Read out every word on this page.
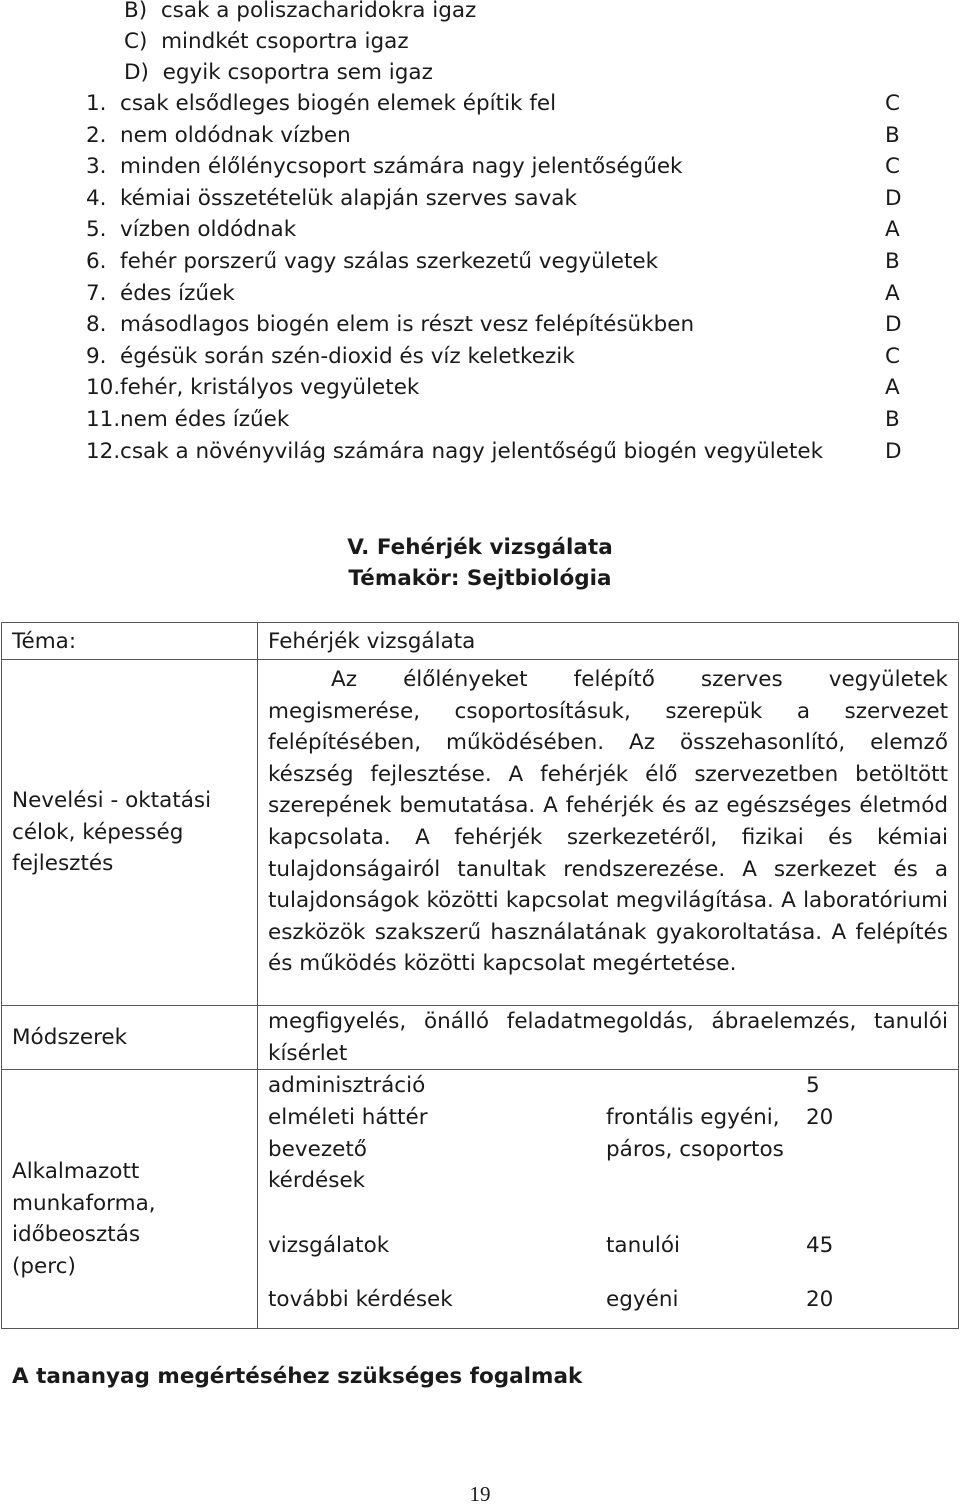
B) csak a poliszacharidokra igaz
C) mindkét csoportra igaz
D) egyik csoportra sem igaz
1. csak elsődleges biogén elemek építik fel	C
2. nem oldódnak vízben	B
3. minden élőlénycsoport számára nagy jelentőségűek	C
4. kémiai összetételük alapján szerves savak	D
5. vízben oldódnak	A
6. fehér porszerű vagy szálas szerkezetű vegyületek	B
7. édes ízűek	A
8. másodlagos biogén elem is részt vesz felépítésükben	D
9. égésük során szén-dioxid és víz keletkezik	C
10. fehér, kristályos vegyületek	A
11. nem édes ízűek	B
12. csak a növényvilág számára nagy jelentőségű biogén vegyületek	D
V. Fehérjék vizsgálata
Témakör: Sejtbiológia
Téma:	Fehérjék vizsgálata

Nevelési - oktatási célok, képesség fejlesztés

Az élőlényeket felépítő szerves vegyületek megismerése, csoportosításuk, szerepük a szervezet felépítésében, működésében. Az összehasonlító, elemző készség fejlesztése. A fehérjék élő szervezetben betöltött szerepének bemutatása. A fehérjék és az egészséges életmód kapcsolata. A fehérjék szerkezetéről, fizikai és kémiai tulajdonságairól tanultak rendszerezése. A szerkezet és a tulajdonságok közötti kapcsolat megvilágítása. A laboratóriumi eszközök szakszerű használatának gyakoroltatása. A felépítés és működés közötti kapcsolat megértetése.

Módszerek	
megfigyelés, önálló feladatmegoldás, ábraelemzés, tanulói kísérlet

Alkalmazott munkaforma, időbeosztás (perc)

adminisztráció		5
elméleti háttér bevezető kérdések	frontális egyéni, páros, csoportos	20
vizsgálatok	tanulói	45
további kérdések	egyéni	20
A tananyag megértéséhez szükséges fogalmak
19
